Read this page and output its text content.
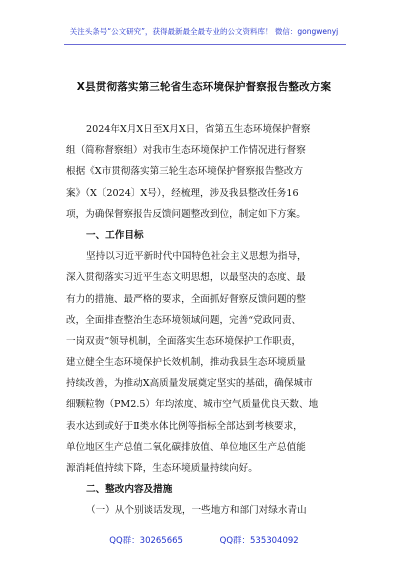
关注头条号“公文研究”，获得最新最全最专业的公文资料库！ 微信：gongwenyj
X县贯彻落实第三轮省生态环境保护督察报告整改方案
2024年X月X日至X月X日，省第五生态环境保护督察
组（简称督察组）对我市生态环境保护工作情况进行督察
根据《X市贯彻落实第三轮生态环境保护督察报告整改方
案》（X〔2024〕X号），经梳理，涉及我县整改任务16
项，为确保督察报告反馈问题整改到位，制定如下方案。
一、工作目标
坚持以习近平新时代中国特色社会主义思想为指导，
深入贯彻落实习近平生态文明思想，以最坚决的态度、最
有力的措施、最严格的要求，全面抓好督察反馈问题的整
改，全面排查整治生态环境领域问题，完善“党政同责、
一岗双责”领导机制，全面落实生态环境保护工作职责，
建立健全生态环境保护长效机制，推动我县生态环境质量
持续改善，为推动X高质量发展奠定坚实的基础，确保城市
细颗粒物（PM2.5）年均浓度、城市空气质量优良天数、地
表水达到或好于Ⅱ类水体比例等指标全部达到考核要求，
单位地区生产总值二氧化碳排放值、单位地区生产总值能
源消耗值持续下降，生态环境质量持续向好。
二、整改内容及措施
（一）从个别谈话发现，一些地方和部门对绿水青山
QQ群：30265665	QQ群：535304092
